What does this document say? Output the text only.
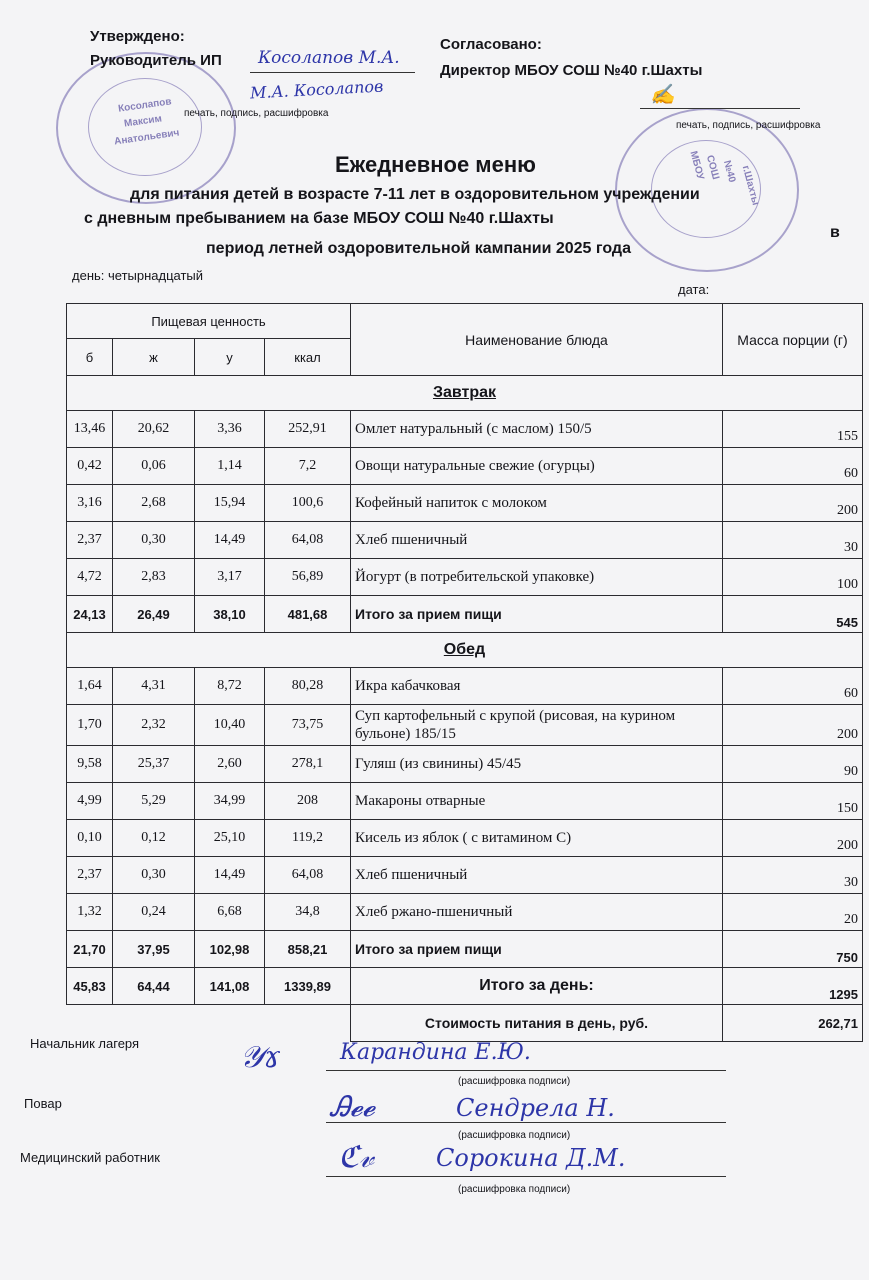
Косолапов
Максим
Анатольевич
МБОУ
СОШ №40 г.Шахты
Утверждено:
Руководитель ИП Косолапов М.А.
М.А. Косолапов
печать, подпись, расшифровка
Согласовано:
Директор МБОУ СОШ №40 г.Шахты
✍
печать, подпись, расшифровка
Ежедневное меню
для питания детей в возрасте 7-11 лет в оздоровительном учреждении
с дневным пребыванием на базе МБОУ СОШ №40 г.Шахты
в
период летней оздоровительной кампании 2025 года
день: четырнадцатый
дата:
Пищевая ценность				Наименование блюда	Масса порции (г)
б	ж	у	ккал		
Завтрак					
13,46	20,62	3,36	252,91	Омлет натуральный (с маслом) 150/5	155
0,42	0,06	1,14	7,2	Овощи натуральные свежие (огурцы)	60
3,16	2,68	15,94	100,6	Кофейный напиток с молоком	200
2,37	0,30	14,49	64,08	Хлеб пшеничный	30
4,72	2,83	3,17	56,89	Йогурт (в потребительской упаковке)	100
24,13	26,49	38,10	481,68	Итого за прием пищи	545
Обед					
1,64	4,31	8,72	80,28	Икра кабачковая	60
1,70	2,32	10,40	73,75	Суп картофельный с крупой (рисовая, на курином бульоне) 185/15	200
9,58	25,37	2,60	278,1	Гуляш (из свинины) 45/45	90
4,99	5,29	34,99	208	Макароны отварные	150
0,10	0,12	25,10	119,2	Кисель из яблок ( с витамином С)	200
2,37	0,30	14,49	64,08	Хлеб пшеничный	30
1,32	0,24	6,68	34,8	Хлеб ржано-пшеничный	20
21,70	37,95	102,98	858,21	Итого за прием пищи	750
45,83	64,44	141,08	1339,89	Итого за день:	1295
				Стоимость питания в день, руб.	262,71
Начальник лагеря	𝒴ɤ	Карандина Е.Ю.
(расшифровка подписи)
Повар	Ꭿ𝓮𝓮	Сендрела Н.
(расшифровка подписи)
Медицинский работник	ℭ𝓋	Сорокина Д.М.
(расшифровка подписи)
